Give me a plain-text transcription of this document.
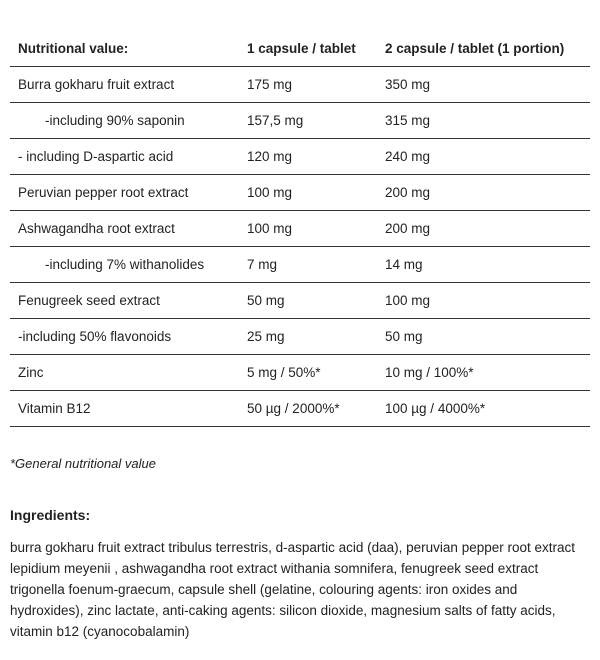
Nutritional value:	1 capsule / tablet	2 capsule / tablet (1 portion)
Burra gokharu fruit extract	175 mg	350 mg
-including 90% saponin	157,5 mg	315 mg
- including D-aspartic acid	120 mg	240 mg
Peruvian pepper root extract	100 mg	200 mg
Ashwagandha root extract	100 mg	200 mg
-including 7% withanolides	7 mg	14 mg
Fenugreek seed extract	50 mg	100 mg
-including 50% flavonoids	25 mg	50 mg
Zinc	5 mg / 50%*	10 mg / 100%*
Vitamin B12	50 µg / 2000%*	100 µg / 4000%*
*General nutritional value
Ingredients:
burra gokharu fruit extract tribulus terrestris, d-aspartic acid (daa), peruvian pepper root extract lepidium meyenii , ashwagandha root extract withania somnifera, fenugreek seed extract trigonella foenum-graecum, capsule shell (gelatine, colouring agents: iron oxides and hydroxides), zinc lactate, anti-caking agents: silicon dioxide, magnesium salts of fatty acids, vitamin b12 (cyanocobalamin)
